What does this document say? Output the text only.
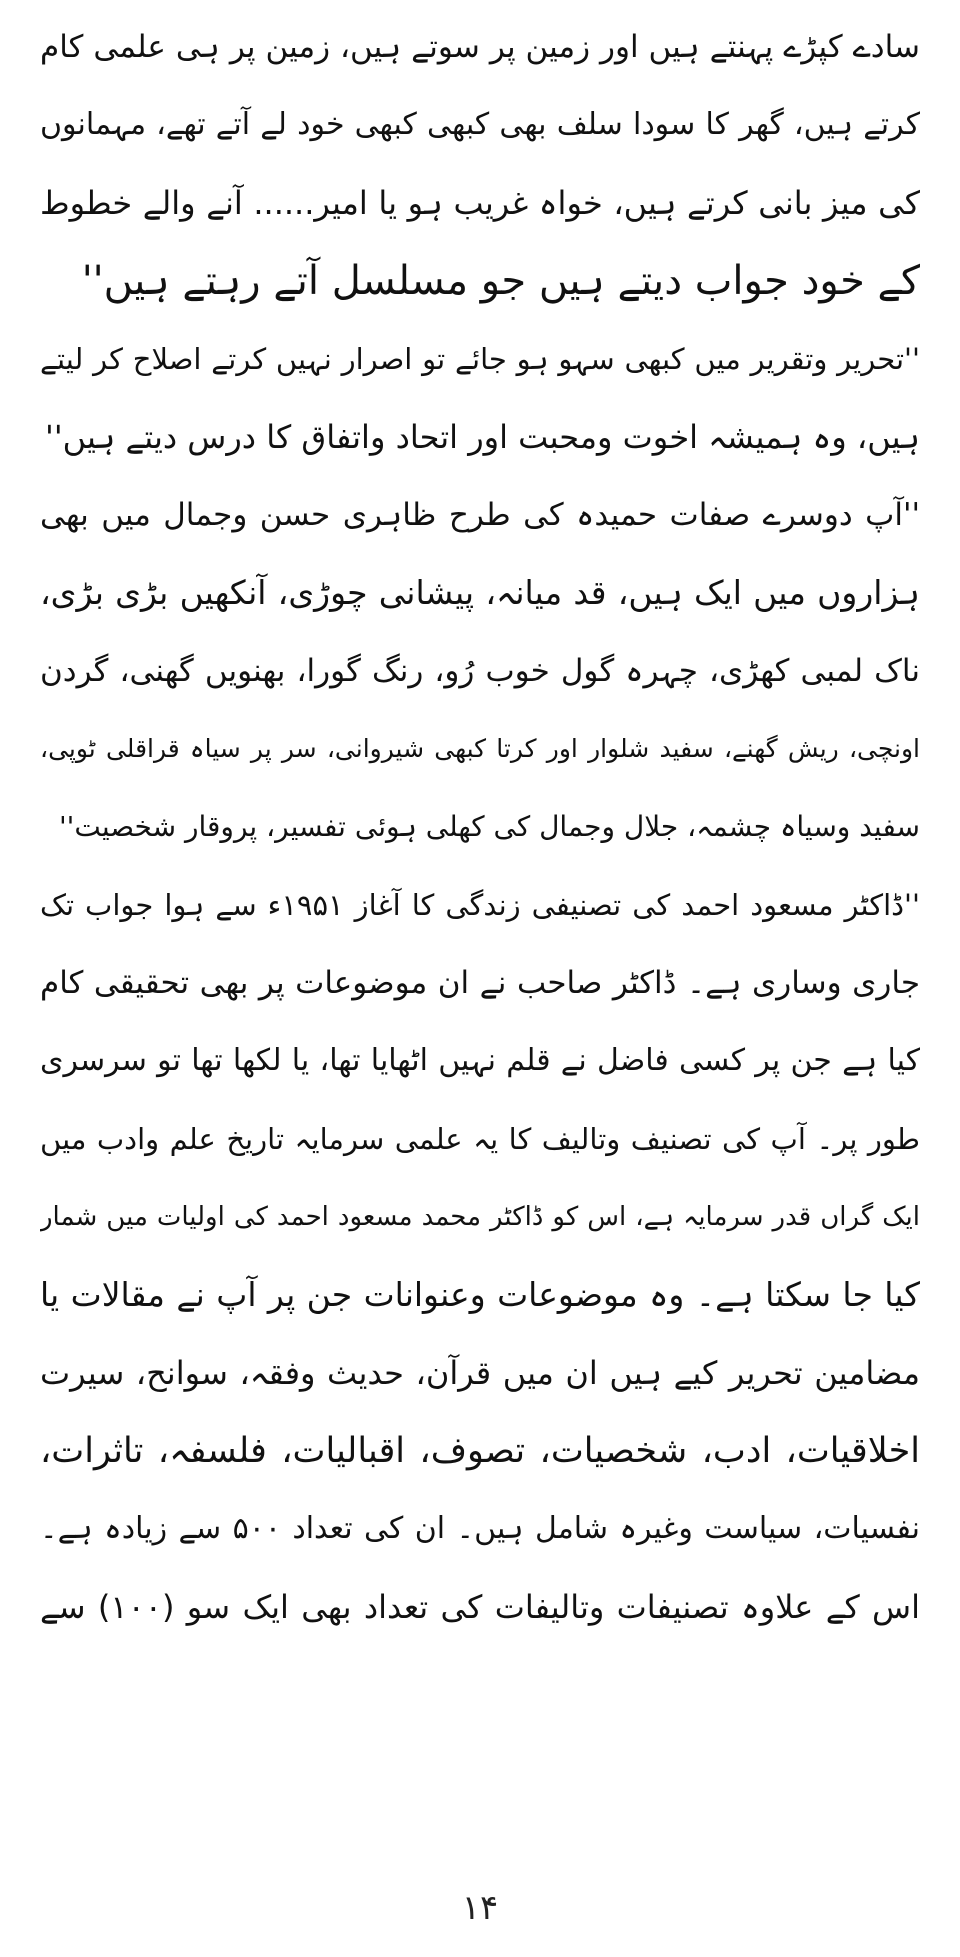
سادے کپڑے پہنتے ہیں اور زمین پر سوتے ہیں، زمین پر ہی علمی کام
کرتے ہیں، گھر کا سودا سلف بھی کبھی کبھی خود لے آتے تھے، مہمانوں
کی میز بانی کرتے ہیں، خواہ غریب ہو یا امیر...... آنے والے خطوط
کے خود جواب دیتے ہیں جو مسلسل آتے رہتے ہیں''
''تحریر وتقریر میں کبھی سہو ہو جائے تو اصرار نہیں کرتے اصلاح کر لیتے
ہیں، وہ ہمیشہ اخوت ومحبت اور اتحاد واتفاق کا درس دیتے ہیں''
''آپ دوسرے صفات حمیدہ کی طرح ظاہری حسن وجمال میں بھی
ہزاروں میں ایک ہیں، قد میانہ، پیشانی چوڑی، آنکھیں بڑی بڑی،
ناک لمبی کھڑی، چہرہ گول خوب رُو، رنگ گورا، بھنویں گھنی، گردن
اونچی، ریش گھنے، سفید شلوار اور کرتا کبھی شیروانی، سر پر سیاہ قراقلی ٹوپی،
سفید وسیاہ چشمہ، جلال وجمال کی کھلی ہوئی تفسیر، پروقار شخصیت''
''ڈاکٹر مسعود احمد کی تصنیفی زندگی کا آغاز ۱۹۵۱ء سے ہوا جواب تک
جاری وساری ہے۔ ڈاکٹر صاحب نے ان موضوعات پر بھی تحقیقی کام
کیا ہے جن پر کسی فاضل نے قلم نہیں اٹھایا تھا، یا لکھا تھا تو سرسری
طور پر۔ آپ کی تصنیف وتالیف کا یہ علمی سرمایہ تاریخ علم وادب میں
ایک گراں قدر سرمایہ ہے، اس کو ڈاکٹر محمد مسعود احمد کی اولیات میں شمار
کیا جا سکتا ہے۔ وہ موضوعات وعنوانات جن پر آپ نے مقالات یا
مضامین تحریر کیے ہیں ان میں قرآن، حدیث وفقہ، سوانح، سیرت
اخلاقیات، ادب، شخصیات، تصوف، اقبالیات، فلسفہ، تاثرات،
نفسیات، سیاست وغیرہ شامل ہیں۔ ان کی تعداد ۵۰۰ سے زیادہ ہے۔
اس کے علاوہ تصنیفات وتالیفات کی تعداد بھی ایک سو (۱۰۰) سے
۱۴
